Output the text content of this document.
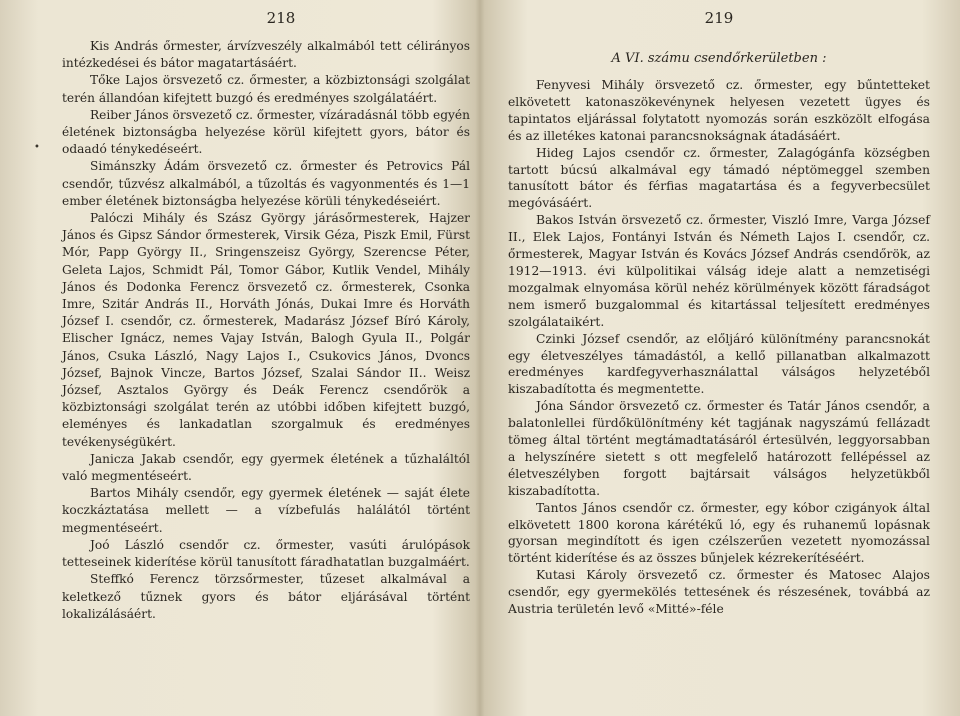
218
•

Kis András őrmester, árvízveszély alkalmából tett célirányos intézkedései és bátor magatartásáért.

Tőke Lajos örsvezető cz. őrmester, a közbiztonsági szolgálat terén állandóan kifejtett buzgó és eredményes szolgálatáért.

Reiber János örsvezető cz. őrmester, vízáradásnál több egyén életének biztonságba helyezése körül kifejtett gyors, bátor és odaadó ténykedéseért.

Simánszky Ádám örsvezető cz. őrmester és Petrovics Pál csendőr, tűzvész alkalmából, a tűzoltás és vagyonmentés és 1—1 ember életének biztonságba helyezése körüli ténykedéseiért.

Palóczi Mihály és Szász György járásőrmesterek, Hajzer János és Gipsz Sándor őrmesterek, Virsik Géza, Piszk Emil, Fürst Mór, Papp György II., Sringenszeisz György, Szerencse Péter, Geleta Lajos, Schmidt Pál, Tomor Gábor, Kutlik Vendel, Mihály János és Dodonka Ferencz örsvezető cz. őrmesterek, Csonka Imre, Szitár András II., Horváth Jónás, Dukai Imre és Horváth József I. csendőr, cz. őrmesterek, Madarász József Bíró Károly, Elischer Ignácz, nemes Vajay István, Balogh Gyula II., Polgár János, Csuka László, Nagy Lajos I., Csukovics János, Dvoncs József, Bajnok Vincze, Bartos József, Szalai Sándor II.. Weisz József, Asztalos György és Deák Ferencz csendőrök a közbiztonsági szolgálat terén az utóbbi időben kifejtett buzgó, eleményes és lankadatlan szorgalmuk és eredményes tevékenységükért.

Janicza Jakab csendőr, egy gyermek életének a tűzhaláltól való megmentéseért.

Bartos Mihály csendőr, egy gyermek életének — saját élete koczkáztatása mellett — a vízbefulás halálától történt megmentéseért.

Joó László csendőr cz. őrmester, vasúti árulópások tetteseinek kiderítése körül tanusított fáradhatatlan buzgalmáért.

Steffkó Ferencz törzsőrmester, tűzeset alkalmával a keletkező tűznek gyors és bátor eljárásával történt lokalizálásáért.

219
A VI. számu csendőrkerületben :

Fenyvesi Mihály örsvezető cz. őrmester, egy bűntetteket elkövetett katonaszökevénynek helyesen vezetett ügyes és tapintatos eljárással folytatott nyomozás során eszközölt elfogása és az illetékes katonai parancsnokságnak átadásáért.

Hideg Lajos csendőr cz. őrmester, Zalagógánfa községben tartott búcsú alkalmával egy támadó néptömeggel szemben tanusított bátor és férfias magatartása és a fegyverbecsület megóvásáért.

Bakos István örsvezető cz. őrmester, Viszló Imre, Varga József II., Elek Lajos, Fontányi István és Németh Lajos I. csendőr, cz. őrmesterek, Magyar István és Kovács József András csendőrök, az 1912—1913. évi külpolitikai válság ideje alatt a nemzetiségi mozgalmak elnyomása körül nehéz körülmények között fáradságot nem ismerő buzgalommal és kitartással teljesített eredményes szolgálataikért.

Czinki József csendőr, az előljáró különítmény parancsnokát egy életveszélyes támadástól, a kellő pillanatban alkalmazott eredményes kardfegyverhasználattal válságos helyzetéből kiszabadította és megmentette.

Jóna Sándor örsvezető cz. őrmester és Tatár János csendőr, a balatonlellei fürdőkülönítmény két tagjának nagyszámú fellázadt tömeg által történt megtámadtatásáról értesülvén, leggyorsabban a helyszínére sietett s ott megfelelő határozott fellépéssel az életveszélyben forgott bajtársait válságos helyzetükből kiszabadította.

Tantos János csendőr cz. őrmester, egy kóbor czigányok által elkövetett 1800 korona kárétékű ló, egy és ruhanemű lopásnak gyorsan megindított és igen czélszerűen vezetett nyomozással történt kiderítése és az összes bűnjelek kézrekerítéséért.

Kutasi Károly örsvezető cz. őrmester és Matosec Alajos csendőr, egy gyermekölés tettesének és részesének, továbbá az Austria területén levő «Mitté»-féle
